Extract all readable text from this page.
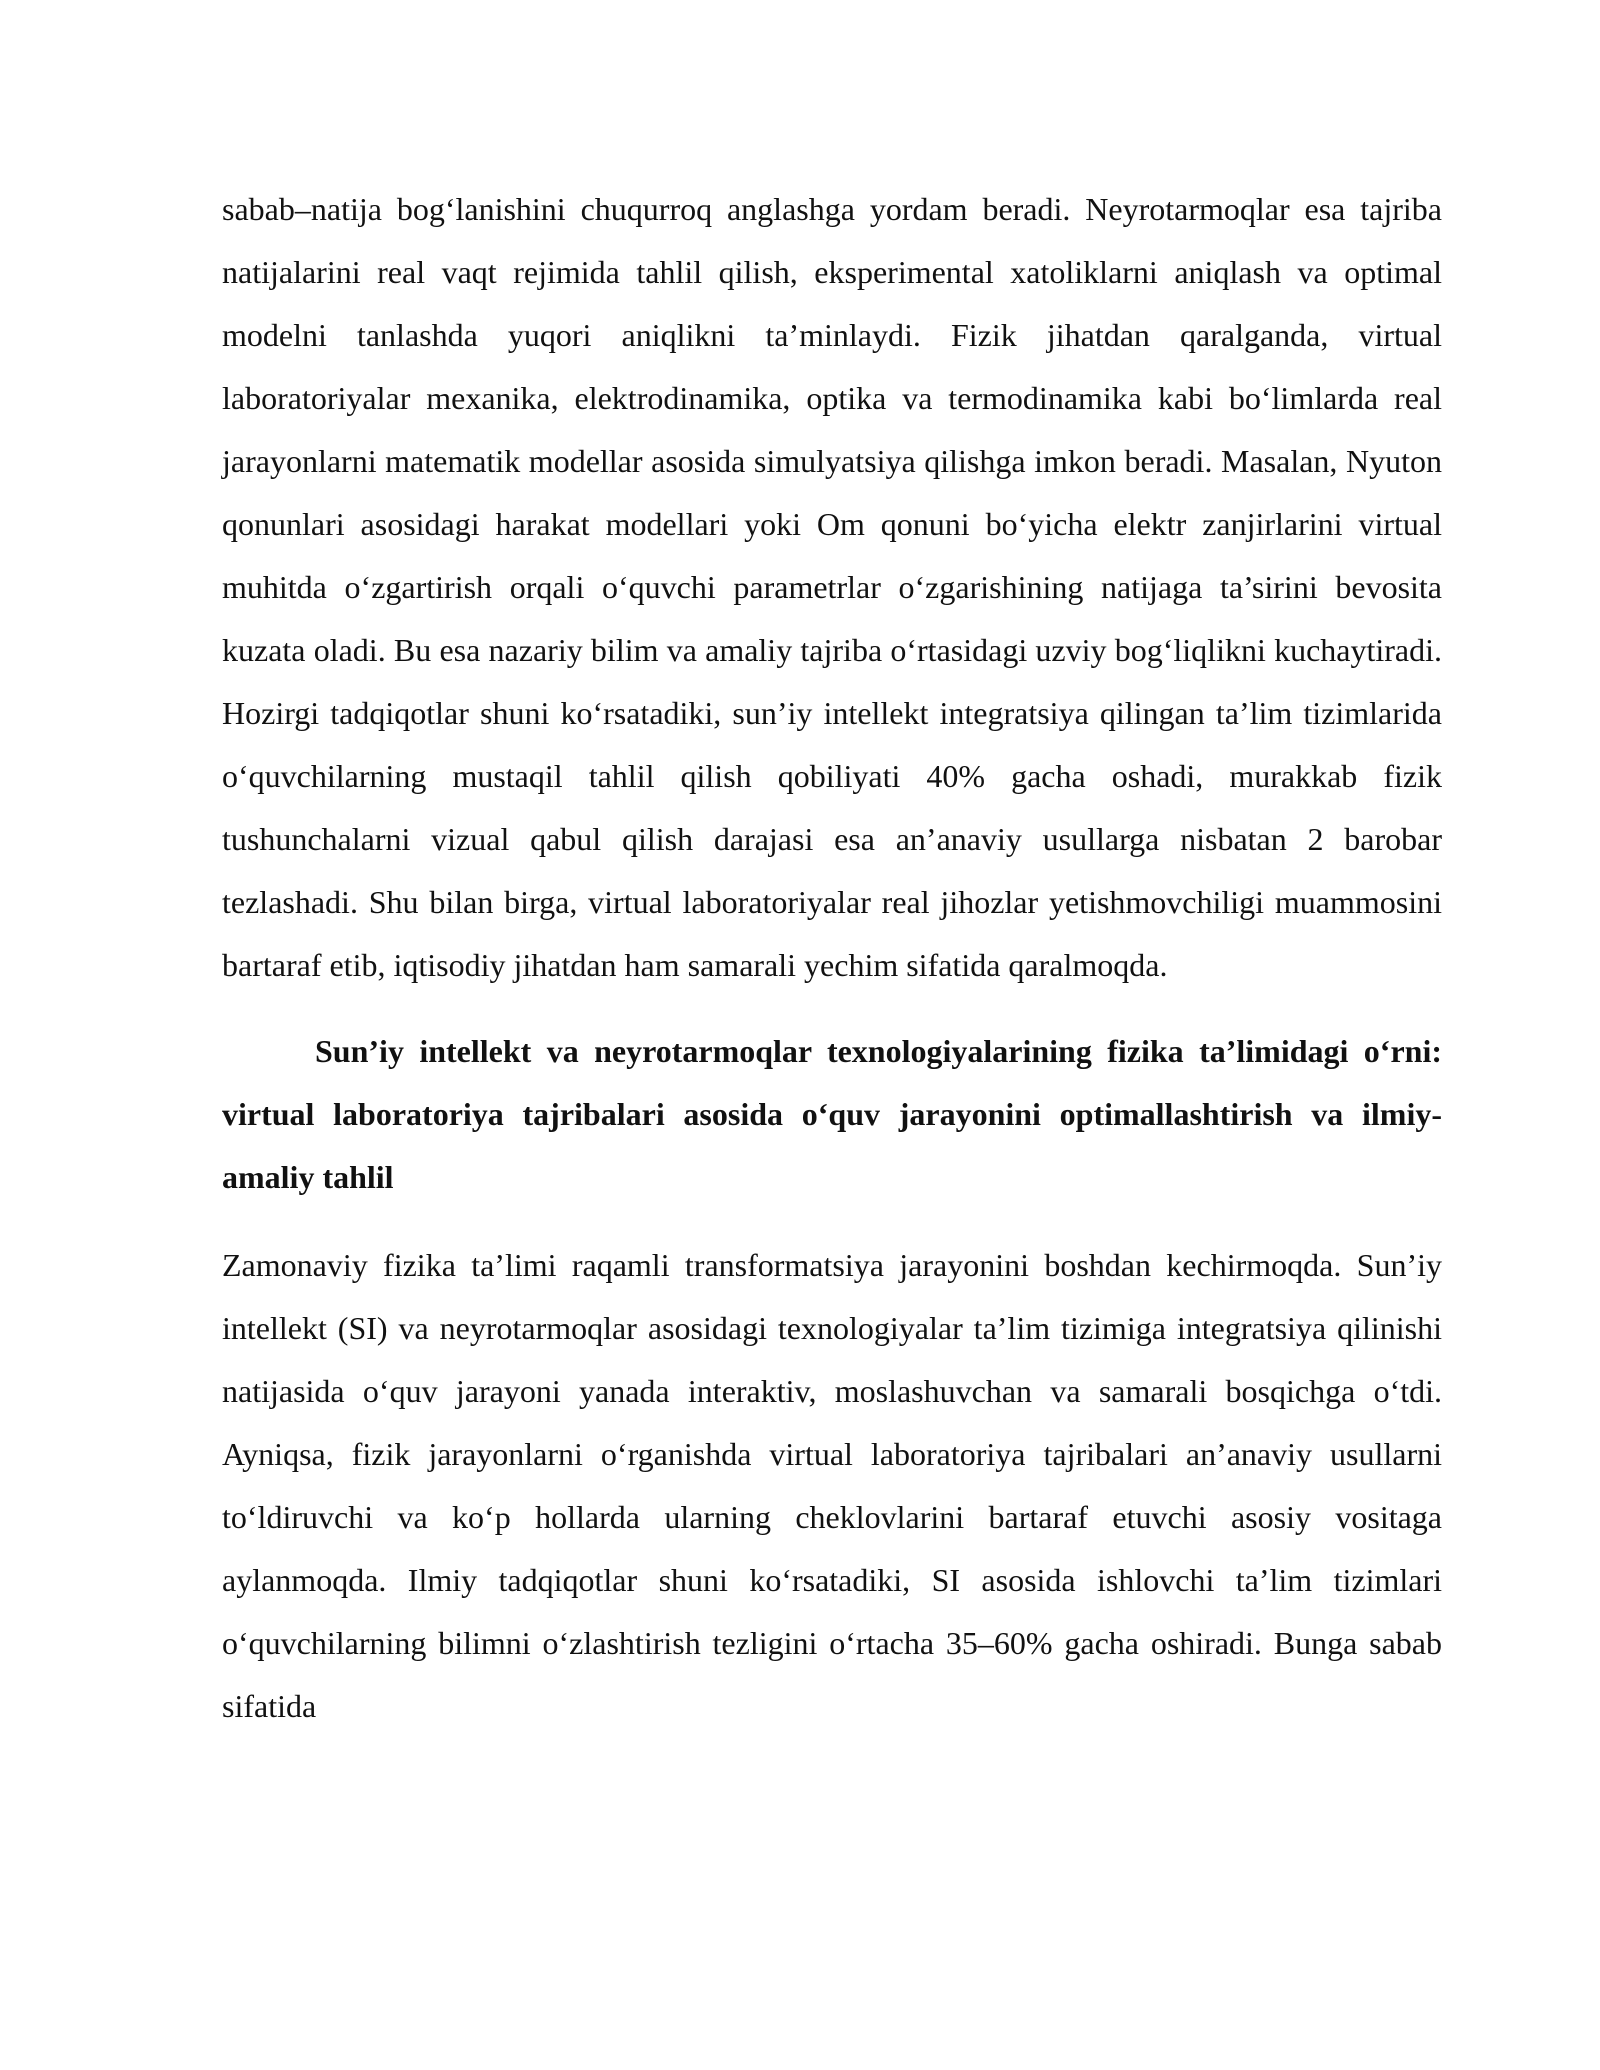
sabab–natija bog‘lanishini chuqurroq anglashga yordam beradi. Neyrotarmoqlar esa tajriba natijalarini real vaqt rejimida tahlil qilish, eksperimental xatoliklarni aniqlash va optimal modelni tanlashda yuqori aniqlikni ta’minlaydi. Fizik jihatdan qaralganda, virtual laboratoriyalar mexanika, elektrodinamika, optika va termodinamika kabi bo‘limlarda real jarayonlarni matematik modellar asosida simulyatsiya qilishga imkon beradi. Masalan, Nyuton qonunlari asosidagi harakat modellari yoki Om qonuni bo‘yicha elektr zanjirlarini virtual muhitda o‘zgartirish orqali o‘quvchi parametrlar o‘zgarishining natijaga ta’sirini bevosita kuzata oladi. Bu esa nazariy bilim va amaliy tajriba o‘rtasidagi uzviy bog‘liqlikni kuchaytiradi. Hozirgi tadqiqotlar shuni ko‘rsatadiki, sun’iy intellekt integratsiya qilingan ta’lim tizimlarida o‘quvchilarning mustaqil tahlil qilish qobiliyati 40% gacha oshadi, murakkab fizik tushunchalarni vizual qabul qilish darajasi esa an’anaviy usullarga nisbatan 2 barobar tezlashadi. Shu bilan birga, virtual laboratoriyalar real jihozlar yetishmovchiligi muammosini bartaraf etib, iqtisodiy jihatdan ham samarali yechim sifatida qaralmoqda.

Sun’iy intellekt va neyrotarmoqlar texnologiyalarining fizika ta’limidagi o‘rni: virtual laboratoriya tajribalari asosida o‘quv jarayonini optimallashtirish va ilmiy-amaliy tahlil

Zamonaviy fizika ta’limi raqamli transformatsiya jarayonini boshdan kechirmoqda. Sun’iy intellekt (SI) va neyrotarmoqlar asosidagi texnologiyalar ta’lim tizimiga integratsiya qilinishi natijasida o‘quv jarayoni yanada interaktiv, moslashuvchan va samarali bosqichga o‘tdi. Ayniqsa, fizik jarayonlarni o‘rganishda virtual laboratoriya tajribalari an’anaviy usullarni to‘ldiruvchi va ko‘p hollarda ularning cheklovlarini bartaraf etuvchi asosiy vositaga aylanmoqda. Ilmiy tadqiqotlar shuni ko‘rsatadiki, SI asosida ishlovchi ta’lim tizimlari o‘quvchilarning bilimni o‘zlashtirish tezligini o‘rtacha 35–60% gacha oshiradi. Bunga sabab sifatida
